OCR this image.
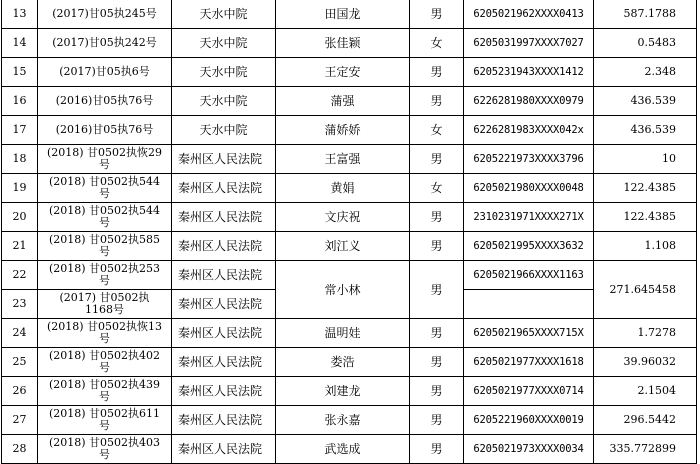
13	(2017)甘05执245号	天水中院	田国龙	男	6205021962XXXX0413	587.1788
14	(2017)甘05执242号	天水中院	张佳颖	女	6205031997XXXX7027	0.5483
15	(2017)甘05执6号	天水中院	王定安	男	6205231943XXXX1412	2.348
16	(2016)甘05执76号	天水中院	蒲强	男	6226281980XXXX0979	436.539
17	(2016)甘05执76号	天水中院	蒲娇娇	女	6226281983XXXX042x	436.539
18	(2018) 甘0502执恢29号	秦州区人民法院	王富强	男	6205221973XXXX3796	10
19	(2018) 甘0502执544号	秦州区人民法院	黄娟	女	6205021980XXXX0048	122.4385
20	(2018) 甘0502执544号	秦州区人民法院	文庆祝	男	2310231971XXXX271X	122.4385
21	(2018) 甘0502执585号	秦州区人民法院	刘江义	男	6205021995XXXX3632	1.108
22	(2018) 甘0502执253号	秦州区人民法院	常小林	男	6205021966XXXX1163	271.645458
23	(2017) 甘0502执1168号	秦州区人民法院				
24	(2018) 甘0502执恢13号	秦州区人民法院	温明娃	男	6205021965XXXX715X	1.7278
25	(2018) 甘0502执402号	秦州区人民法院	娄浩	男	6205021977XXXX1618	39.96032
26	(2018) 甘0502执439号	秦州区人民法院	刘建龙	男	6205021977XXXX0714	2.1504
27	(2018) 甘0502执611号	秦州区人民法院	张永嘉	男	6205221960XXXX0019	296.5442
28	(2018) 甘0502执403号	秦州区人民法院	武选成	男	6205021973XXXX0034	335.772899
